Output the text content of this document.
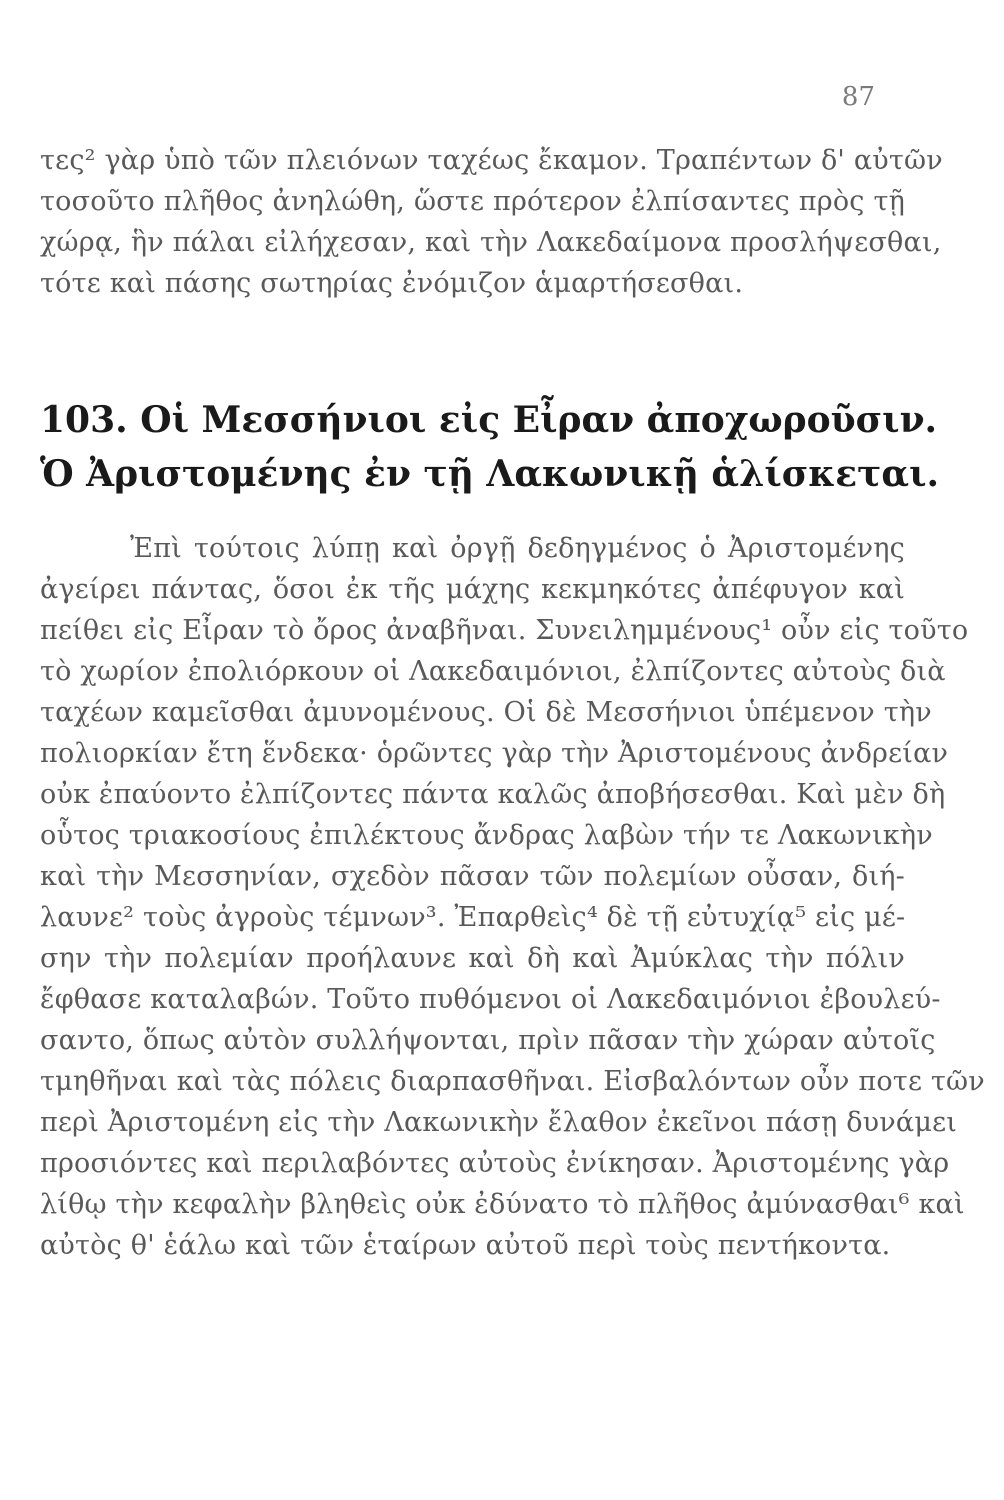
87
τες² γὰρ ὑπὸ τῶν πλειόνων ταχέως ἔκαμον. Τραπέντων δ' αὐτῶν
τοσοῦτο πλῆθος ἀνηλώθη, ὥστε πρότερον ἐλπίσαντες πρὸς τῇ
χώρᾳ, ἣν πάλαι εἰλήχεσαν, καὶ τὴν Λακεδαίμονα προσλήψεσθαι,
τότε καὶ πάσης σωτηρίας ἐνόμιζον ἁμαρτήσεσθαι.
103. Οἱ Μεσσήνιοι εἰς Εἶραν ἀποχωροῦσιν.
Ὁ Ἀριστομένης ἐν τῇ Λακωνικῇ ἁλίσκεται.
Ἐπὶ τούτοις λύπῃ καὶ ὀργῇ δεδηγμένος ὁ Ἀριστομένης
ἀγείρει πάντας, ὅσοι ἐκ τῆς μάχης κεκμηκότες ἀπέφυγον καὶ
πείθει εἰς Εἶραν τὸ ὄρος ἀναβῆναι. Συνειλημμένους¹ οὖν εἰς τοῦτο
τὸ χωρίον ἐπολιόρκουν οἱ Λακεδαιμόνιοι, ἐλπίζοντες αὐτοὺς διὰ
ταχέων καμεῖσθαι ἀμυνομένους. Οἱ δὲ Μεσσήνιοι ὑπέμενον τὴν
πολιορκίαν ἔτη ἕνδεκα· ὁρῶντες γὰρ τὴν Ἀριστομένους ἀνδρείαν
οὐκ ἐπαύοντο ἐλπίζοντες πάντα καλῶς ἀποβήσεσθαι. Καὶ μὲν δὴ
οὗτος τριακοσίους ἐπιλέκτους ἄνδρας λαβὼν τήν τε Λακωνικὴν
καὶ τὴν Μεσσηνίαν, σχεδὸν πᾶσαν τῶν πολεμίων οὖσαν, διή-
λαυνε² τοὺς ἀγροὺς τέμνων³. Ἐπαρθεὶς⁴ δὲ τῇ εὐτυχίᾳ⁵ εἰς μέ-
σην τὴν πολεμίαν προήλαυνε καὶ δὴ καὶ Ἀμύκλας τὴν πόλιν
ἔφθασε καταλαβών. Τοῦτο πυθόμενοι οἱ Λακεδαιμόνιοι ἐβουλεύ-
σαντο, ὅπως αὐτὸν συλλήψονται, πρὶν πᾶσαν τὴν χώραν αὐτοῖς
τμηθῆναι καὶ τὰς πόλεις διαρπασθῆναι. Εἰσβαλόντων οὖν ποτε τῶν
περὶ Ἀριστομένη εἰς τὴν Λακωνικὴν ἔλαθον ἐκεῖνοι πάσῃ δυνάμει
προσιόντες καὶ περιλαβόντες αὐτοὺς ἐνίκησαν. Ἀριστομένης γὰρ
λίθῳ τὴν κεφαλὴν βληθεὶς οὐκ ἐδύνατο τὸ πλῆθος ἀμύνασθαι⁶ καὶ
αὐτὸς θ' ἑάλω καὶ τῶν ἑταίρων αὐτοῦ περὶ τοὺς πεντήκοντα.
